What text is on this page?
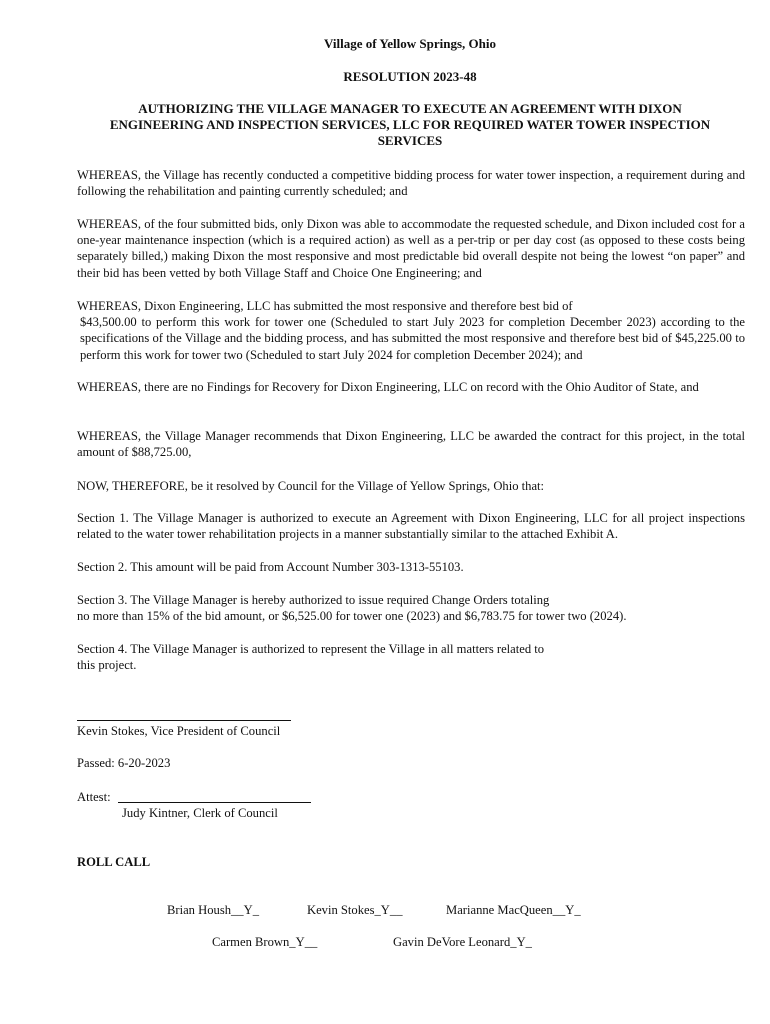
Village of Yellow Springs, Ohio
RESOLUTION 2023-48
AUTHORIZING THE VILLAGE MANAGER TO EXECUTE AN AGREEMENT WITH DIXON
ENGINEERING AND INSPECTION SERVICES, LLC FOR REQUIRED WATER TOWER INSPECTION
SERVICES
WHEREAS, the Village has recently conducted a competitive bidding process for water tower inspection, a requirement during and following the rehabilitation and painting currently scheduled; and
WHEREAS, of the four submitted bids, only Dixon was able to accommodate the requested schedule, and Dixon included cost for a one-year maintenance inspection (which is a required action) as well as a per-trip or per day cost (as opposed to these costs being separately billed,) making Dixon the most responsive and most predictable bid overall despite not being the lowest “on paper” and their bid has been vetted by both Village Staff and Choice One Engineering; and
WHEREAS, Dixon Engineering, LLC has submitted the most responsive and therefore best bid of
$43,500.00 to perform this work for tower one (Scheduled to start July 2023 for completion December 2023) according to the specifications of the Village and the bidding process, and has submitted the most responsive and therefore best bid of $45,225.00 to perform this work for tower two (Scheduled to start July 2024 for completion December 2024); and
WHEREAS, there are no Findings for Recovery for Dixon Engineering, LLC on record with the Ohio Auditor of State, and
WHEREAS, the Village Manager recommends that Dixon Engineering, LLC be awarded the contract for this project, in the total amount of $88,725.00,
NOW, THEREFORE, be it resolved by Council for the Village of Yellow Springs, Ohio that:
Section 1. The Village Manager is authorized to execute an Agreement with Dixon Engineering, LLC for all project inspections related to the water tower rehabilitation projects in a manner substantially similar to the attached Exhibit A.
Section 2. This amount will be paid from Account Number 303-1313-55103.
Section 3. The Village Manager is hereby authorized to issue required Change Orders totaling
no more than 15% of the bid amount, or $6,525.00 for tower one (2023) and $6,783.75 for tower two (2024).
Section 4. The Village Manager is authorized to represent the Village in all matters related to
this project.
Kevin Stokes, Vice President of Council
Passed: 6-20-2023
Attest:
Judy Kintner, Clerk of Council
ROLL CALL
Brian Housh__Y_	Kevin Stokes_Y__	Marianne MacQueen__Y_
Carmen Brown_Y__	Gavin DeVore Leonard_Y_
